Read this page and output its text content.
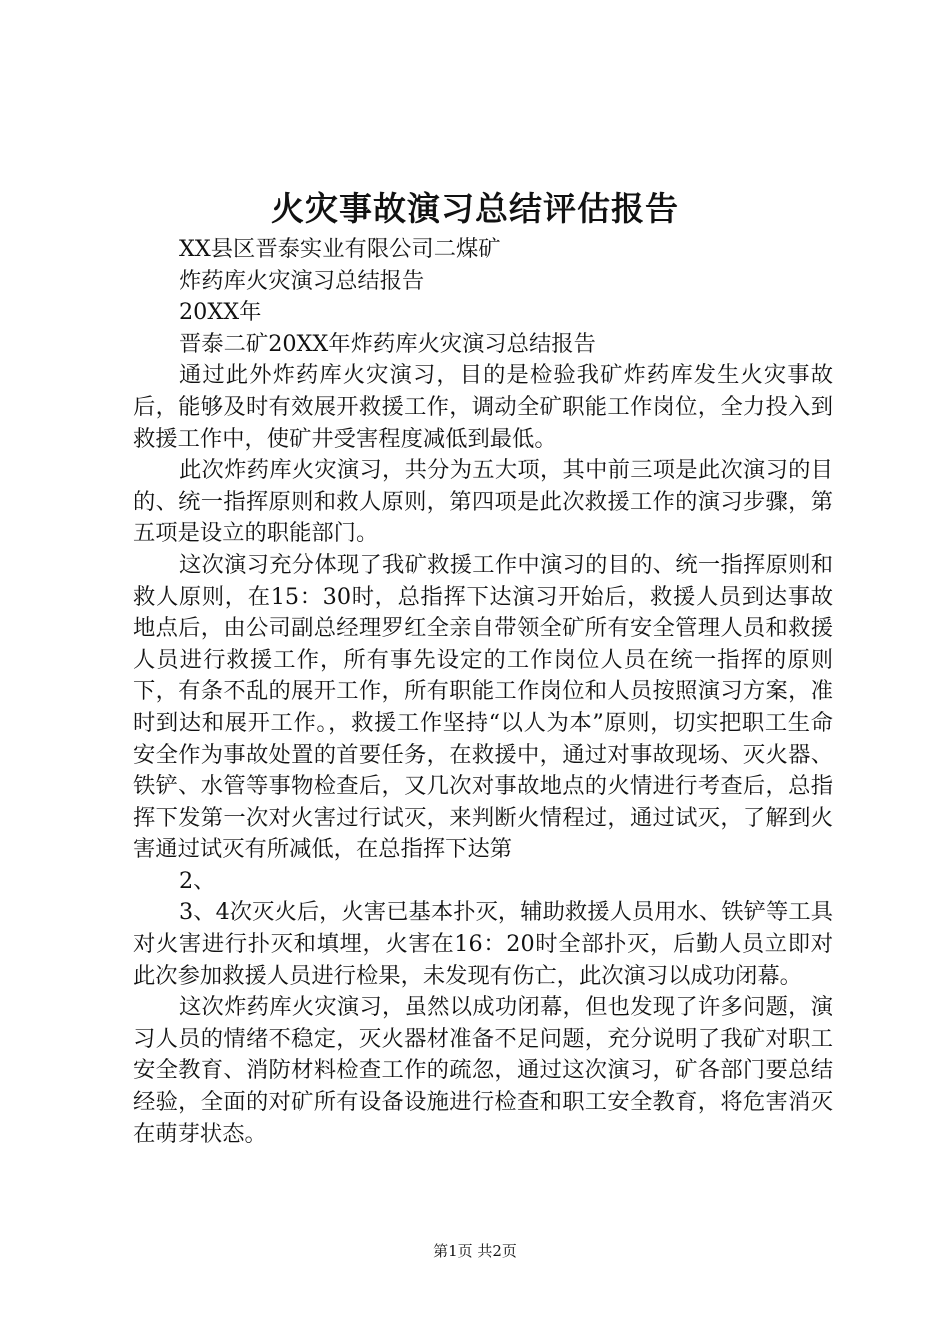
火灾事故演习总结评估报告
XX县区晋泰实业有限公司二煤矿
炸药库火灾演习总结报告
20XX年
晋泰二矿20XX年炸药库火灾演习总结报告
通过此外炸药库火灾演习，目的是检验我矿炸药库发生火灾事故后，能够及时有效展开救援工作，调动全矿职能工作岗位，全力投入到救援工作中，使矿井受害程度减低到最低。
此次炸药库火灾演习，共分为五大项，其中前三项是此次演习的目的、统一指挥原则和救人原则，第四项是此次救援工作的演习步骤，第五项是设立的职能部门。
这次演习充分体现了我矿救援工作中演习的目的、统一指挥原则和救人原则，在15：30时，总指挥下达演习开始后，救援人员到达事故地点后，由公司副总经理罗红全亲自带领全矿所有安全管理人员和救援人员进行救援工作，所有事先设定的工作岗位人员在统一指挥的原则下，有条不乱的展开工作，所有职能工作岗位和人员按照演习方案，准时到达和展开工作。，救援工作坚持“以人为本”原则，切实把职工生命安全作为事故处置的首要任务，在救援中，通过对事故现场、灭火器、铁铲、水管等事物检查后，又几次对事故地点的火情进行考查后，总指挥下发第一次对火害过行试灭，来判断火情程过，通过试灭，了解到火害通过试灭有所减低，在总指挥下达第
2、
3、4次灭火后，火害已基本扑灭，辅助救援人员用水、铁铲等工具对火害进行扑灭和填埋，火害在16：20时全部扑灭，后勤人员立即对此次参加救援人员进行检果，未发现有伤亡，此次演习以成功闭幕。
这次炸药库火灾演习，虽然以成功闭幕，但也发现了许多问题，演习人员的情绪不稳定，灭火器材准备不足问题，充分说明了我矿对职工安全教育、消防材料检查工作的疏忽，通过这次演习，矿各部门要总结经验，全面的对矿所有设备设施进行检查和职工安全教育，将危害消灭在萌芽状态。
第1页 共2页
